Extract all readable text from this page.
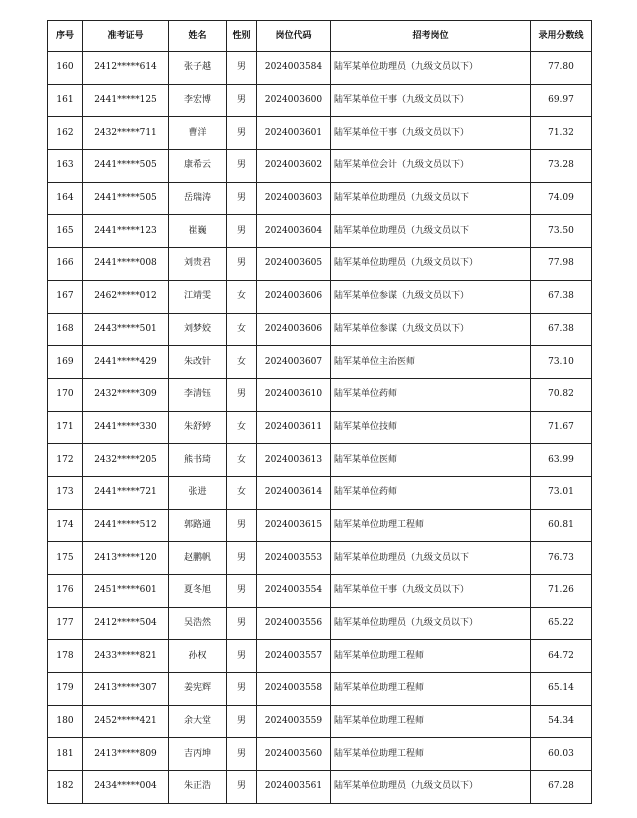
序号	准考证号	姓名	性别	岗位代码	招考岗位	录用分数线
160	2412*****614	张子越	男	2024003584	陆军某单位助理员（九级文员以下）	77.80
161	2441*****125	李宏博	男	2024003600	陆军某单位干事（九级文员以下）	69.97
162	2432*****711	曹洋	男	2024003601	陆军某单位干事（九级文员以下）	71.32
163	2441*****505	康希云	男	2024003602	陆军某单位会计（九级文员以下）	73.28
164	2441*****505	岳瑞涛	男	2024003603	陆军某单位助理员（九级文员以下	74.09
165	2441*****123	崔巍	男	2024003604	陆军某单位助理员（九级文员以下	73.50
166	2441*****008	刘贵君	男	2024003605	陆军某单位助理员（九级文员以下）	77.98
167	2462*****012	江靖雯	女	2024003606	陆军某单位参谋（九级文员以下）	67.38
168	2443*****501	刘梦姣	女	2024003606	陆军某单位参谋（九级文员以下）	67.38
169	2441*****429	朱改针	女	2024003607	陆军某单位主治医师	73.10
170	2432*****309	李清钰	男	2024003610	陆军某单位药师	70.82
171	2441*****330	朱舒婷	女	2024003611	陆军某单位技师	71.67
172	2432*****205	熊书琦	女	2024003613	陆军某单位医师	63.99
173	2441*****721	张进	女	2024003614	陆军某单位药师	73.01
174	2441*****512	郭路通	男	2024003615	陆军某单位助理工程师	60.81
175	2413*****120	赵鹏帆	男	2024003553	陆军某单位助理员（九级文员以下	76.73
176	2451*****601	夏冬旭	男	2024003554	陆军某单位干事（九级文员以下）	71.26
177	2412*****504	吴浩然	男	2024003556	陆军某单位助理员（九级文员以下）	65.22
178	2433*****821	孙权	男	2024003557	陆军某单位助理工程师	64.72
179	2413*****307	姜宪辉	男	2024003558	陆军某单位助理工程师	65.14
180	2452*****421	余大堂	男	2024003559	陆军某单位助理工程师	54.34
181	2413*****809	吉丙坤	男	2024003560	陆军某单位助理工程师	60.03
182	2434*****004	朱正浩	男	2024003561	陆军某单位助理员（九级文员以下）	67.28
